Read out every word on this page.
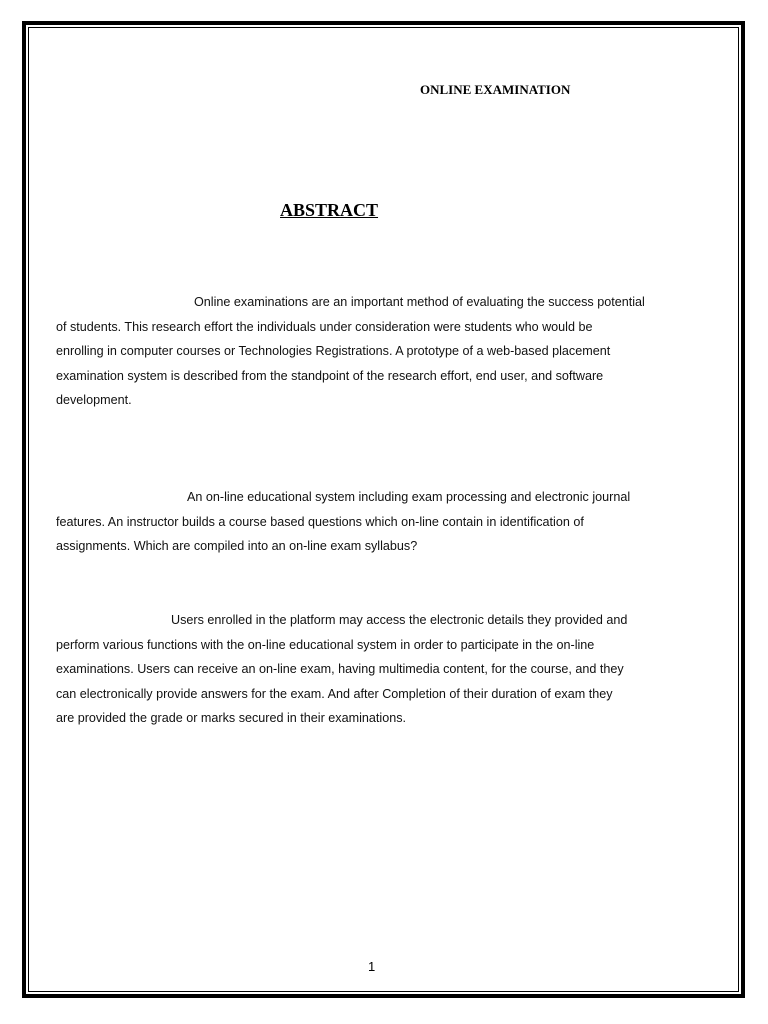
ONLINE EXAMINATION
ABSTRACT

Online examinations are an important method of evaluating the success potential
of students. This research effort the individuals under consideration were students who would be
enrolling in computer courses or Technologies Registrations. A prototype of a web-based placement
examination system is described from the standpoint of the research effort, end user, and software
development.

An on-line educational system including exam processing and electronic journal
features. An instructor builds a course based questions which on-line contain in identification of
assignments. Which are compiled into an on-line exam syllabus?

Users enrolled in the platform may access the electronic details they provided and
perform various functions with the on-line educational system in order to participate in the on-line
examinations. Users can receive an on-line exam, having multimedia content, for the course, and they
can electronically provide answers for the exam. And after Completion of their duration of exam they
are provided the grade or marks secured in their examinations.

1
